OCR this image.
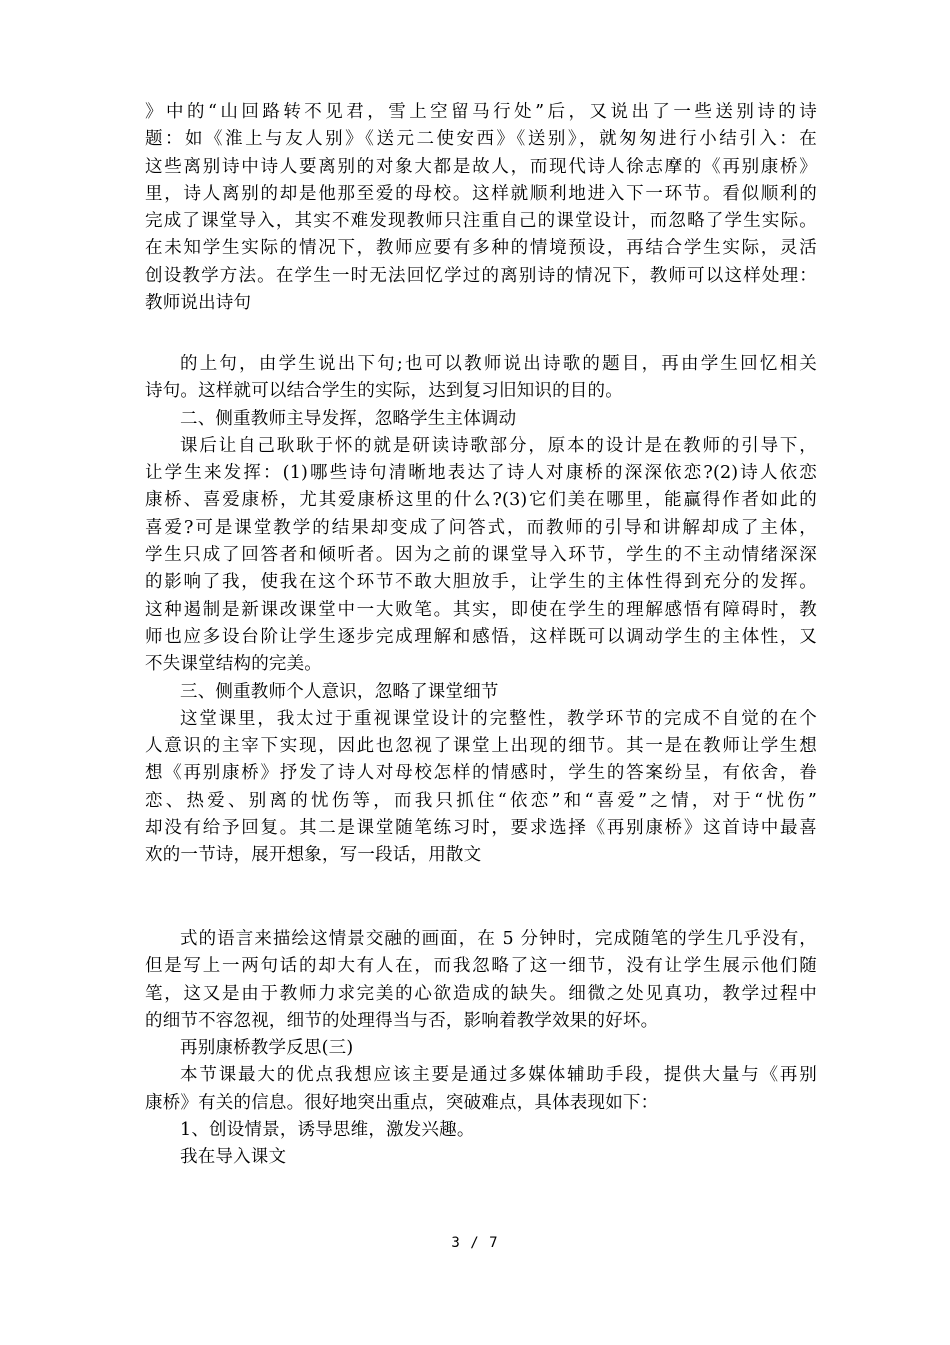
》中的“山回路转不见君，雪上空留马行处”后，又说出了一些送别诗的诗
题：如《淮上与友人别》《送元二使安西》《送别》，就匆匆进行小结引入：在
这些离别诗中诗人要离别的对象大都是故人，而现代诗人徐志摩的《再别康桥》
里，诗人离别的却是他那至爱的母校。这样就顺利地进入下一环节。看似顺利的
完成了课堂导入，其实不难发现教师只注重自己的课堂设计，而忽略了学生实际。
在未知学生实际的情况下，教师应要有多种的情境预设，再结合学生实际，灵活
创设教学方法。在学生一时无法回忆学过的离别诗的情况下，教师可以这样处理：
教师说出诗句
的上句，由学生说出下句;也可以教师说出诗歌的题目，再由学生回忆相关
诗句。这样就可以结合学生的实际，达到复习旧知识的目的。
二、侧重教师主导发挥，忽略学生主体调动
课后让自己耿耿于怀的就是研读诗歌部分，原本的设计是在教师的引导下，
让学生来发挥：(1)哪些诗句清晰地表达了诗人对康桥的深深依恋?(2)诗人依恋
康桥、喜爱康桥，尤其爱康桥这里的什么?(3)它们美在哪里，能赢得作者如此的
喜爱?可是课堂教学的结果却变成了问答式，而教师的引导和讲解却成了主体，
学生只成了回答者和倾听者。因为之前的课堂导入环节，学生的不主动情绪深深
的影响了我，使我在这个环节不敢大胆放手，让学生的主体性得到充分的发挥。
这种遏制是新课改课堂中一大败笔。其实，即使在学生的理解感悟有障碍时，教
师也应多设台阶让学生逐步完成理解和感悟，这样既可以调动学生的主体性，又
不失课堂结构的完美。
三、侧重教师个人意识，忽略了课堂细节
这堂课里，我太过于重视课堂设计的完整性，教学环节的完成不自觉的在个
人意识的主宰下实现，因此也忽视了课堂上出现的细节。其一是在教师让学生想
想《再别康桥》抒发了诗人对母校怎样的情感时，学生的答案纷呈，有依舍，眷
恋、热爱、别离的忧伤等，而我只抓住“依恋”和“喜爱”之情，对于“忧伤”
却没有给予回复。其二是课堂随笔练习时，要求选择《再别康桥》这首诗中最喜
欢的一节诗，展开想象，写一段话，用散文
式的语言来描绘这情景交融的画面，在 5 分钟时，完成随笔的学生几乎没有，
但是写上一两句话的却大有人在，而我忽略了这一细节，没有让学生展示他们随
笔，这又是由于教师力求完美的心欲造成的缺失。细微之处见真功，教学过程中
的细节不容忽视，细节的处理得当与否，影响着教学效果的好坏。
再别康桥教学反思(三)
本节课最大的优点我想应该主要是通过多媒体辅助手段，提供大量与《再别
康桥》有关的信息。很好地突出重点，突破难点，具体表现如下：
1、创设情景，诱导思维，激发兴趣。
我在导入课文
3 / 7
